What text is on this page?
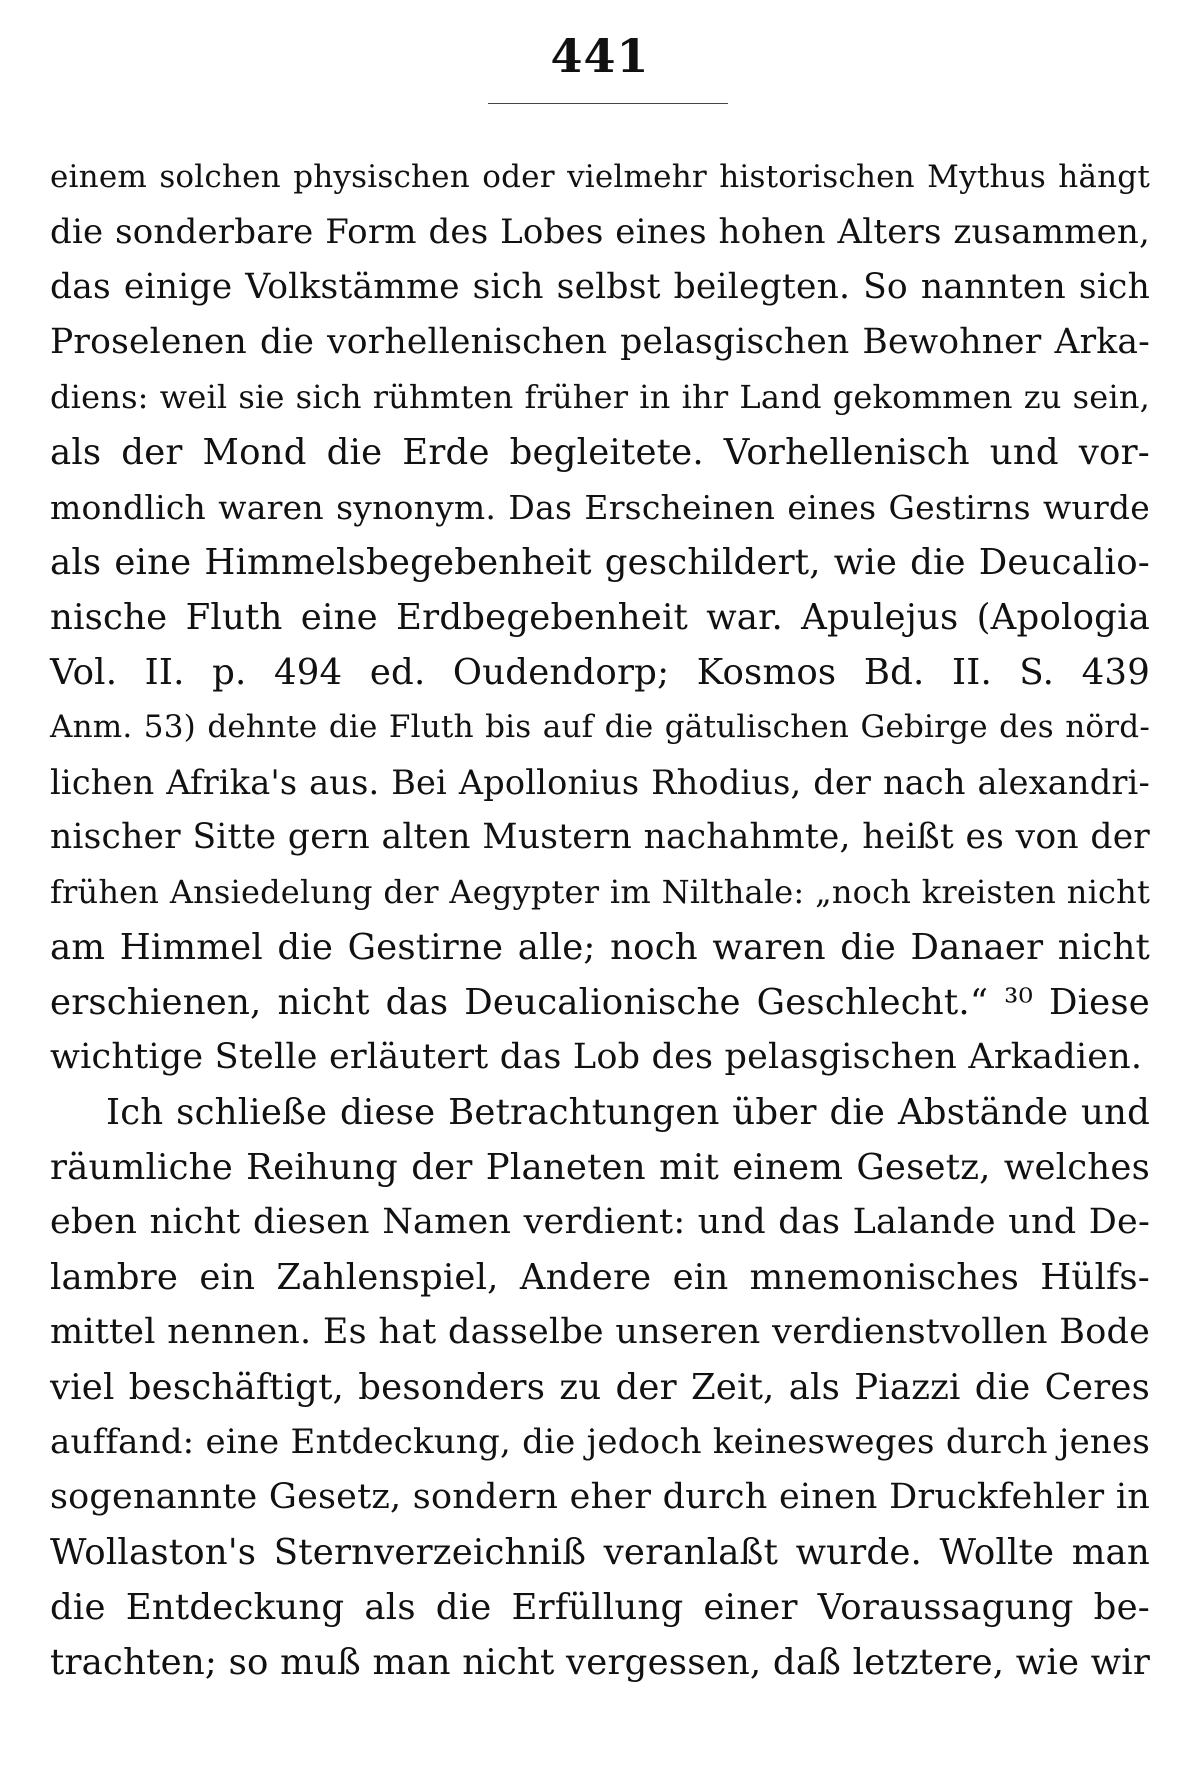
441
einem solchen physischen oder vielmehr historischen Mythus hängt
die sonderbare Form des Lobes eines hohen Alters zusammen,
das einige Volkstämme sich selbst beilegten. So nannten sich
Proselenen die vorhellenischen pelasgischen Bewohner Arka-
diens: weil sie sich rühmten früher in ihr Land gekommen zu sein,
als der Mond die Erde begleitete. Vorhellenisch und vor-
mondlich waren synonym. Das Erscheinen eines Gestirns wurde
als eine Himmelsbegebenheit geschildert, wie die Deucalio-
nische Fluth eine Erdbegebenheit war. Apulejus (Apologia
Vol. II. p. 494 ed. Oudendorp; Kosmos Bd. II. S. 439
Anm. 53) dehnte die Fluth bis auf die gätulischen Gebirge des nörd-
lichen Afrika's aus. Bei Apollonius Rhodius, der nach alexandri-
nischer Sitte gern alten Mustern nachahmte, heißt es von der
frühen Ansiedelung der Aegypter im Nilthale: „noch kreisten nicht
am Himmel die Gestirne alle; noch waren die Danaer nicht
erschienen, nicht das Deucalionische Geschlecht.“ ³⁰ Diese
wichtige Stelle erläutert das Lob des pelasgischen Arkadien.
Ich schließe diese Betrachtungen über die Abstände und
räumliche Reihung der Planeten mit einem Gesetz, welches
eben nicht diesen Namen verdient: und das Lalande und De-
lambre ein Zahlenspiel, Andere ein mnemonisches Hülfs-
mittel nennen. Es hat dasselbe unseren verdienstvollen Bode
viel beschäftigt, besonders zu der Zeit, als Piazzi die Ceres
auffand: eine Entdeckung, die jedoch keinesweges durch jenes
sogenannte Gesetz, sondern eher durch einen Druckfehler in
Wollaston's Sternverzeichniß veranlaßt wurde. Wollte man
die Entdeckung als die Erfüllung einer Voraussagung be-
trachten; so muß man nicht vergessen, daß letztere, wie wir
